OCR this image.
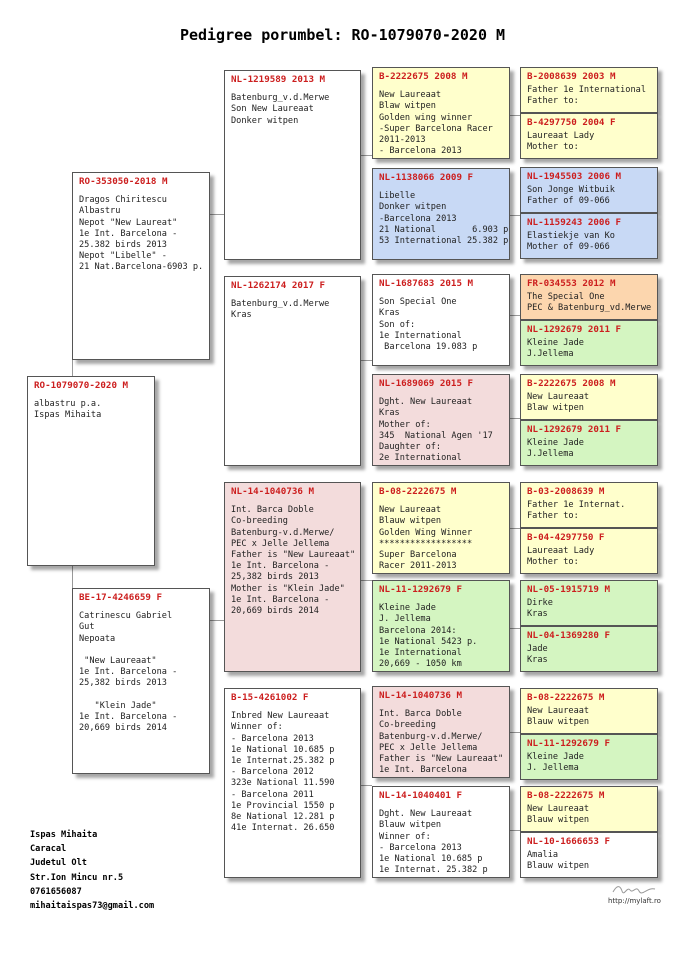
Pedigree porumbel: RO-1079070-2020 M
RO-1079070-2020 M
albastru p.a.
Ispas Mihaita
RO-353050-2018 M
Dragos Chiritescu
Albastru
Nepot "New Laureat"
1e Int. Barcelona -
25.382 birds 2013
Nepot "Libelle" -
21 Nat.Barcelona-6903 p.
BE-17-4246659 F
Catrinescu Gabriel
Gut
Nepoata

"New Laureaat"
1e Int. Barcelona -
25,382 birds 2013

"Klein Jade"
1e Int. Barcelona -
20,669 birds 2014
NL-1219589 2013 M
Batenburg_v.d.Merwe
Son New Laureaat
Donker witpen
NL-1262174 2017 F
Batenburg_v.d.Merwe
Kras
NL-14-1040736 M
Int. Barca Doble
Co-breeding
Batenburg-v.d.Merwe/
PEC x Jelle Jellema
Father is "New Laureaat"
1e Int. Barcelona -
25,382 birds 2013
Mother is "Klein Jade"
1e Int. Barcelona -
20,669 birds 2014
B-15-4261002 F
Inbred New Laureaat
Winner of:
- Barcelona 2013
1e National 10.685 p
1e Internat.25.382 p
- Barcelona 2012
323e National 11.590
- Barcelona 2011
1e Provincial 1550 p
8e National 12.281 p
41e Internat. 26.650
B-2222675 2008 M
New Laureaat
Blaw witpen
Golden wing winner
-Super Barcelona Racer
2011-2013
- Barcelona 2013
NL-1138066 2009 F
Libelle
Donker witpen
-Barcelona 2013
21 National       6.903 p
53 International 25.382 p
NL-1687683 2015 M
Son Special One
Kras
Son of:
1e International
Barcelona 19.083 p
NL-1689069 2015 F
Dght. New Laureaat
Kras
Mother of:
345  National Agen '17
Daughter of:
2e International
B-08-2222675 M
New Laureaat
Blauw witpen
Golden Wing Winner
******************
Super Barcelona
Racer 2011-2013
NL-11-1292679 F
Kleine Jade
J. Jellema
Barcelona 2014:
1e National 5423 p.
1e International
20,669 - 1050 km
NL-14-1040736 M
Int. Barca Doble
Co-breeding
Batenburg-v.d.Merwe/
PEC x Jelle Jellema
Father is "New Laureaat"
1e Int. Barcelona
NL-14-1040401 F
Dght. New Laureaat
Blauw witpen
Winner of:
- Barcelona 2013
1e National 10.685 p
1e Internat. 25.382 p
B-2008639 2003 M
Father 1e International
Father to:
B-4297750 2004 F
Laureaat Lady
Mother to:
NL-1945503 2006 M
Son Jonge Witbuik
Father of 09-066
NL-1159243 2006 F
Elastiekje van Ko
Mother of 09-066
FR-034553 2012 M
The Special One
PEC & Batenburg_vd.Merwe
NL-1292679 2011 F
Kleine Jade
J.Jellema
B-2222675 2008 M
New Laureaat
Blaw witpen
NL-1292679 2011 F
Kleine Jade
J.Jellema
B-03-2008639 M
Father 1e Internat.
Father to:
B-04-4297750 F
Laureaat Lady
Mother to:
NL-05-1915719 M
Dirke
Kras
NL-04-1369280 F
Jade
Kras
B-08-2222675 M
New Laureaat
Blauw witpen
NL-11-1292679 F
Kleine Jade
J. Jellema
B-08-2222675 M
New Laureaat
Blauw witpen
NL-10-1666653 F
Amalia
Blauw witpen
Ispas Mihaita
Caracal
Judetul Olt
Str.Ion Mincu nr.5
0761656087
mihaitaispas73@gmail.com
http://mylaft.ro
